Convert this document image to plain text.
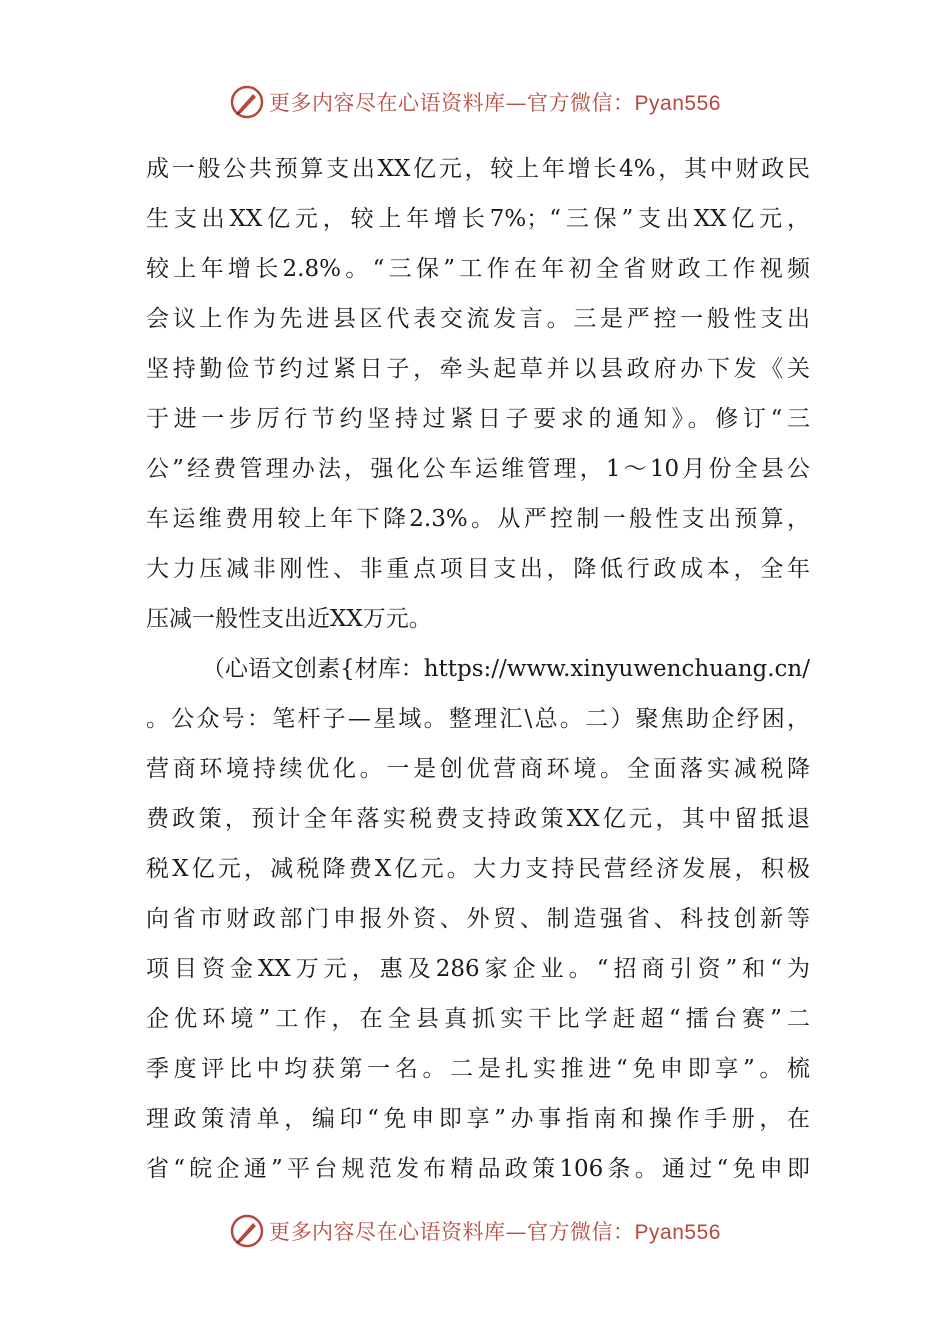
更多内容尽在心语资料库—官方微信：Pyan556
成一般公共预算支出XX亿元，较上年增长4%，其中财政民
生支出XX亿元，较上年增长7%；“三保”支出XX亿元，
较上年增长2.8%。“三保”工作在年初全省财政工作视频
会议上作为先进县区代表交流发言。三是严控一般性支出
坚持勤俭节约过紧日子，牵头起草并以县政府办下发《关
于进一步厉行节约坚持过紧日子要求的通知》。修订“三
公”经费管理办法，强化公车运维管理，1～10月份全县公
车运维费用较上年下降2.3%。从严控制一般性支出预算，
大力压减非刚性、非重点项目支出，降低行政成本，全年
压减一般性支出近XX万元。
（心语文创素{材库：https://www.xinyuwenchuang.cn/
。公众号：笔杆子—星域。整理汇\总。二）聚焦助企纾困，
营商环境持续优化。一是创优营商环境。全面落实减税降
费政策，预计全年落实税费支持政策XX亿元，其中留抵退
税X亿元，减税降费X亿元。大力支持民营经济发展，积极
向省市财政部门申报外资、外贸、制造强省、科技创新等
项目资金XX万元，惠及286家企业。“招商引资”和“为
企优环境”工作，在全县真抓实干比学赶超“擂台赛”二
季度评比中均获第一名。二是扎实推进“免申即享”。梳
理政策清单，编印“免申即享”办事指南和操作手册，在
省“皖企通”平台规范发布精品政策106条。通过“免申即
更多内容尽在心语资料库—官方微信：Pyan556
